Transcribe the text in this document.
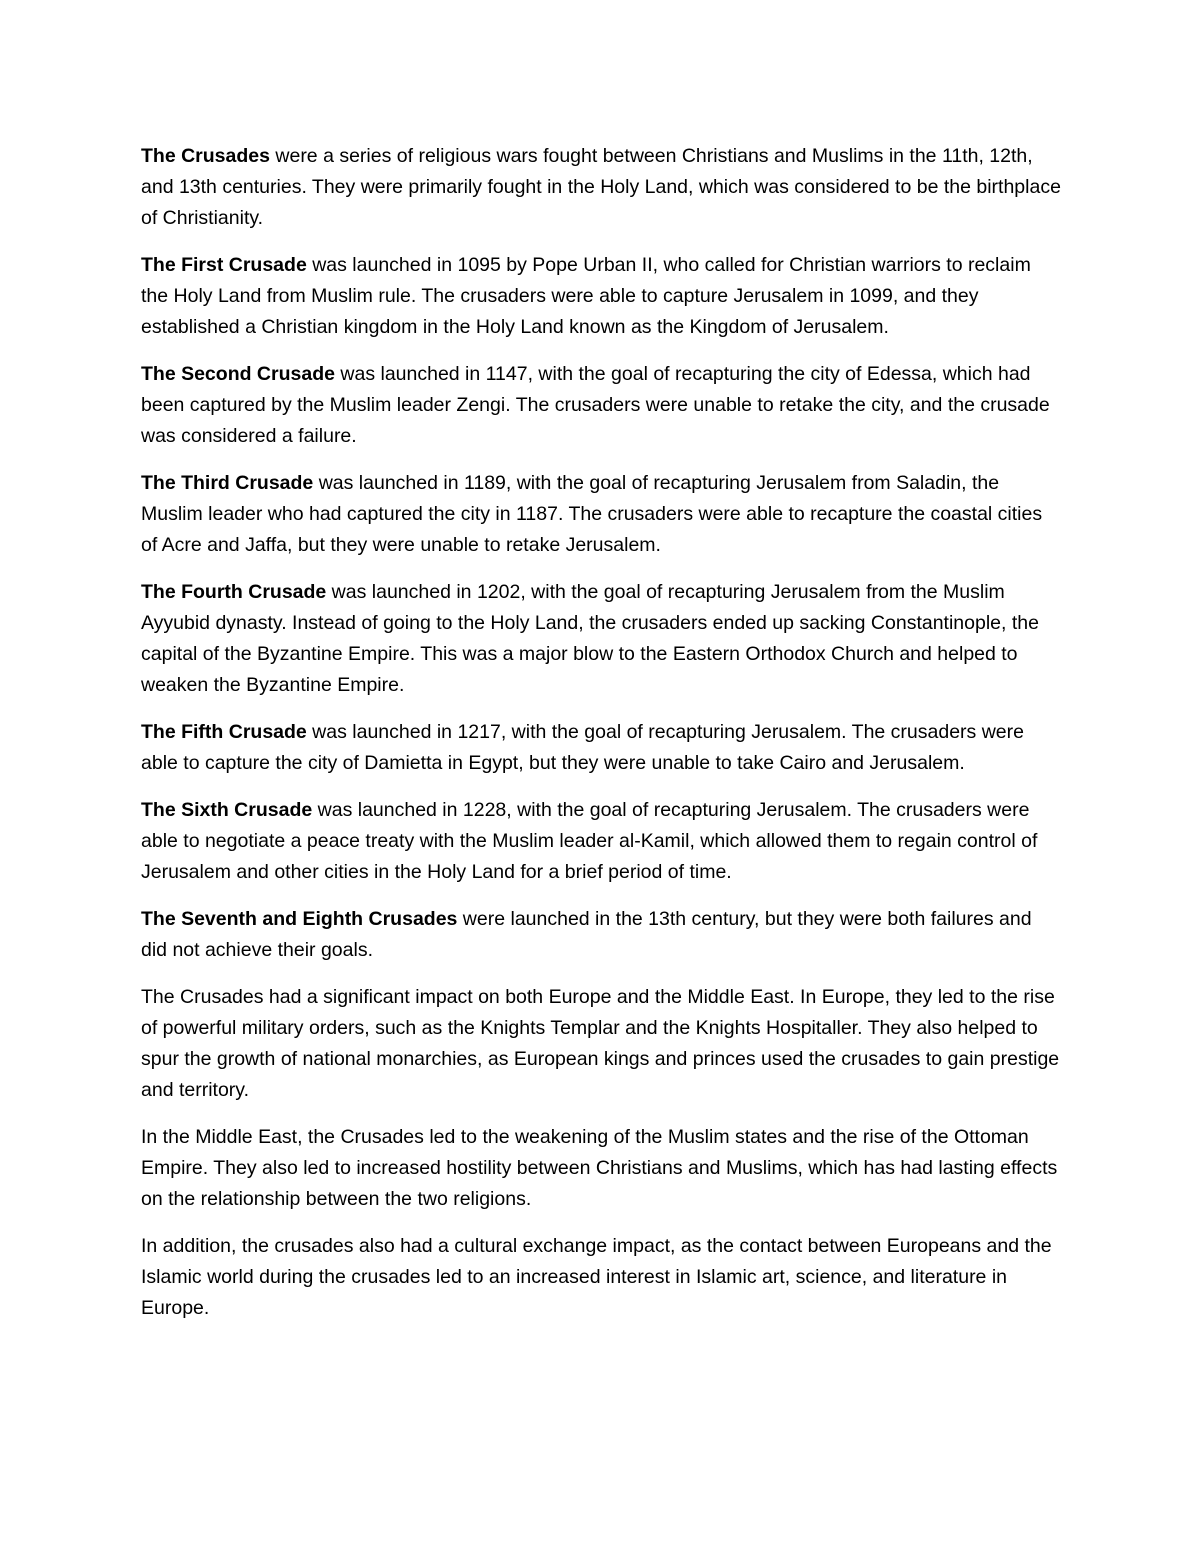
The Crusades were a series of religious wars fought between Christians and Muslims in the 11th, 12th, and 13th centuries. They were primarily fought in the Holy Land, which was considered to be the birthplace of Christianity.

The First Crusade was launched in 1095 by Pope Urban II, who called for Christian warriors to reclaim the Holy Land from Muslim rule. The crusaders were able to capture Jerusalem in 1099, and they established a Christian kingdom in the Holy Land known as the Kingdom of Jerusalem.

The Second Crusade was launched in 1147, with the goal of recapturing the city of Edessa, which had been captured by the Muslim leader Zengi. The crusaders were unable to retake the city, and the crusade was considered a failure.

The Third Crusade was launched in 1189, with the goal of recapturing Jerusalem from Saladin, the Muslim leader who had captured the city in 1187. The crusaders were able to recapture the coastal cities of Acre and Jaffa, but they were unable to retake Jerusalem.

The Fourth Crusade was launched in 1202, with the goal of recapturing Jerusalem from the Muslim Ayyubid dynasty. Instead of going to the Holy Land, the crusaders ended up sacking Constantinople, the capital of the Byzantine Empire. This was a major blow to the Eastern Orthodox Church and helped to weaken the Byzantine Empire.

The Fifth Crusade was launched in 1217, with the goal of recapturing Jerusalem. The crusaders were able to capture the city of Damietta in Egypt, but they were unable to take Cairo and Jerusalem.

The Sixth Crusade was launched in 1228, with the goal of recapturing Jerusalem. The crusaders were able to negotiate a peace treaty with the Muslim leader al-Kamil, which allowed them to regain control of Jerusalem and other cities in the Holy Land for a brief period of time.

The Seventh and Eighth Crusades were launched in the 13th century, but they were both failures and did not achieve their goals.

The Crusades had a significant impact on both Europe and the Middle East. In Europe, they led to the rise of powerful military orders, such as the Knights Templar and the Knights Hospitaller. They also helped to spur the growth of national monarchies, as European kings and princes used the crusades to gain prestige and territory.

In the Middle East, the Crusades led to the weakening of the Muslim states and the rise of the Ottoman Empire. They also led to increased hostility between Christians and Muslims, which has had lasting effects on the relationship between the two religions.

In addition, the crusades also had a cultural exchange impact, as the contact between Europeans and the Islamic world during the crusades led to an increased interest in Islamic art, science, and literature in Europe.
